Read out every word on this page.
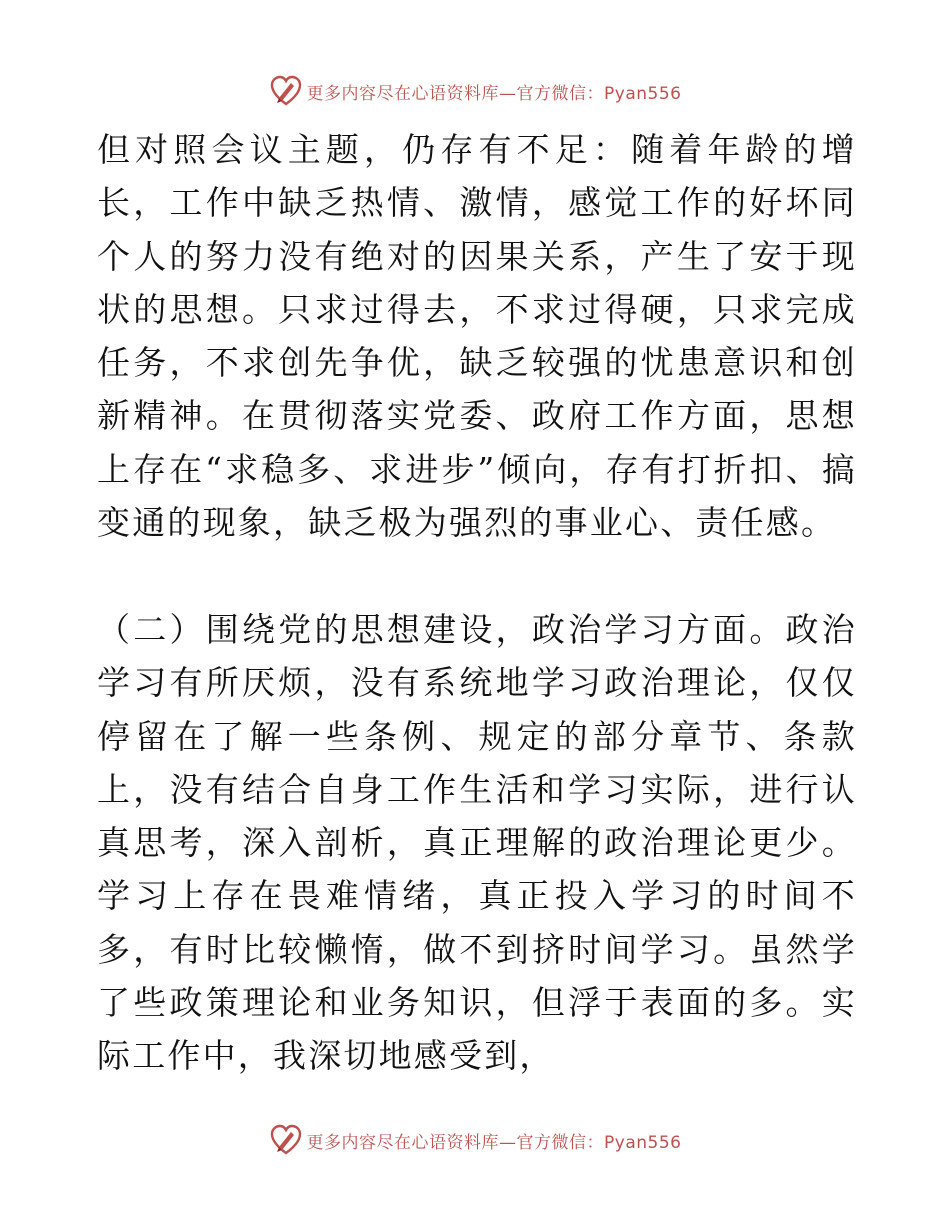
更多内容尽在心语资料库—官方微信：Pyan556

但对照会议主题，仍存有不足：随着年龄的增长，工作中缺乏热情、激情，感觉工作的好坏同个人的努力没有绝对的因果关系，产生了安于现状的思想。只求过得去，不求过得硬，只求完成任务，不求创先争优，缺乏较强的忧患意识和创新精神。在贯彻落实党委、政府工作方面，思想上存在“求稳多、求进步”倾向，存有打折扣、搞变通的现象，缺乏极为强烈的事业心、责任感。

（二）围绕党的思想建设，政治学习方面。政治学习有所厌烦，没有系统地学习政治理论，仅仅停留在了解一些条例、规定的部分章节、条款上，没有结合自身工作生活和学习实际，进行认真思考，深入剖析，真正理解的政治理论更少。学习上存在畏难情绪，真正投入学习的时间不多，有时比较懒惰，做不到挤时间学习。虽然学了些政策理论和业务知识，但浮于表面的多。实际工作中，我深切地感受到，

更多内容尽在心语资料库—官方微信：Pyan556
